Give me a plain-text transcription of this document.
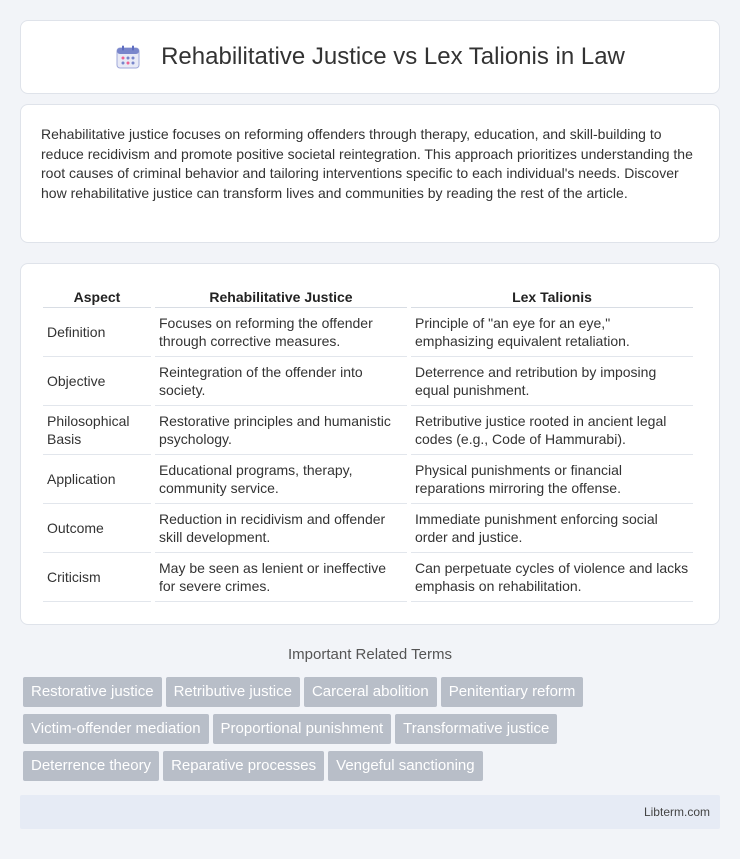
Rehabilitative Justice vs Lex Talionis in Law

Rehabilitative justice focuses on reforming offenders through therapy, education, and skill-building to reduce recidivism and promote positive societal reintegration. This approach prioritizes understanding the root causes of criminal behavior and tailoring interventions specific to each individual's needs. Discover how rehabilitative justice can transform lives and communities by reading the rest of the article.

Aspect	Rehabilitative Justice	Lex Talionis
Definition	Focuses on reforming the offender through corrective measures.	Principle of "an eye for an eye," emphasizing equivalent retaliation.
Objective	Reintegration of the offender into society.	Deterrence and retribution by imposing equal punishment.
Philosophical Basis	Restorative principles and humanistic psychology.	Retributive justice rooted in ancient legal codes (e.g., Code of Hammurabi).
Application	Educational programs, therapy, community service.	Physical punishments or financial reparations mirroring the offense.
Outcome	Reduction in recidivism and offender skill development.	Immediate punishment enforcing social order and justice.
Criticism	May be seen as lenient or ineffective for severe crimes.	Can perpetuate cycles of violence and lacks emphasis on rehabilitation.
Important Related Terms
Restorative justice Retributive justice Carceral abolition Penitentiary reform
Victim-offender mediation Proportional punishment Transformative justice
Deterrence theory Reparative processes Vengeful sanctioning
Libterm.com
